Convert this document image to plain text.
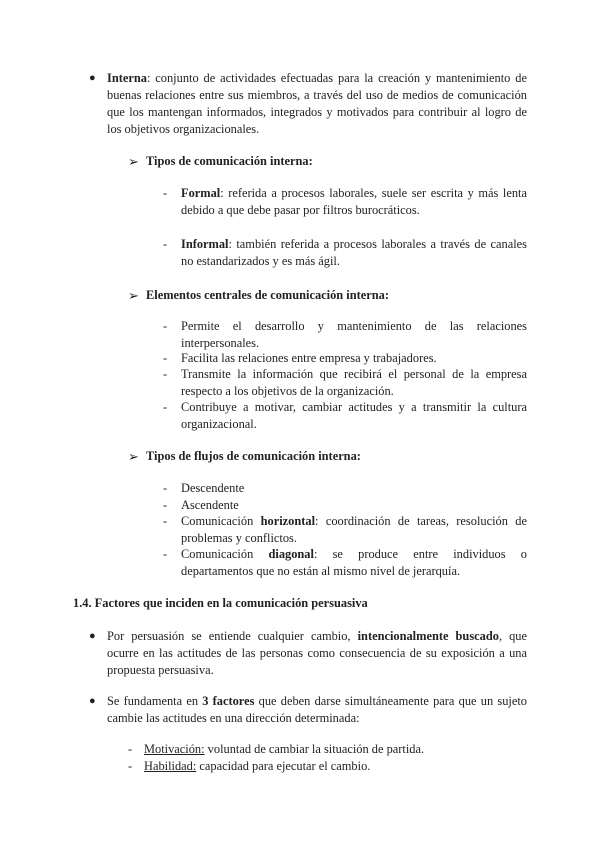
● Interna: conjunto de actividades efectuadas para la creación y mantenimiento de buenas relaciones entre sus miembros, a través del uso de medios de comunicación que los mantengan informados, integrados y motivados para contribuir al logro de los objetivos organizacionales.
➢ Tipos de comunicación interna:
- Formal: referida a procesos laborales, suele ser escrita y más lenta debido a que debe pasar por filtros burocráticos.
- Informal: también referida a procesos laborales a través de canales no estandarizados y es más ágil.
➢ Elementos centrales de comunicación interna:
- Permite el desarrollo y mantenimiento de las relaciones interpersonales.
- Facilita las relaciones entre empresa y trabajadores.
- Transmite la información que recibirá el personal de la empresa respecto a los objetivos de la organización.
- Contribuye a motivar, cambiar actitudes y a transmitir la cultura organizacional.
➢ Tipos de flujos de comunicación interna:
- Descendente
- Ascendente
- Comunicación horizontal: coordinación de tareas, resolución de problemas y conflictos.
- Comunicación diagonal: se produce entre individuos o departamentos que no están al mismo nivel de jerarquía.
1.4. Factores que inciden en la comunicación persuasiva
● Por persuasión se entiende cualquier cambio, intencionalmente buscado, que ocurre en las actitudes de las personas como consecuencia de su exposición a una propuesta persuasiva.
● Se fundamenta en 3 factores que deben darse simultáneamente para que un sujeto cambie las actitudes en una dirección determinada:
- Motivación: voluntad de cambiar la situación de partida.
- Habilidad: capacidad para ejecutar el cambio.
